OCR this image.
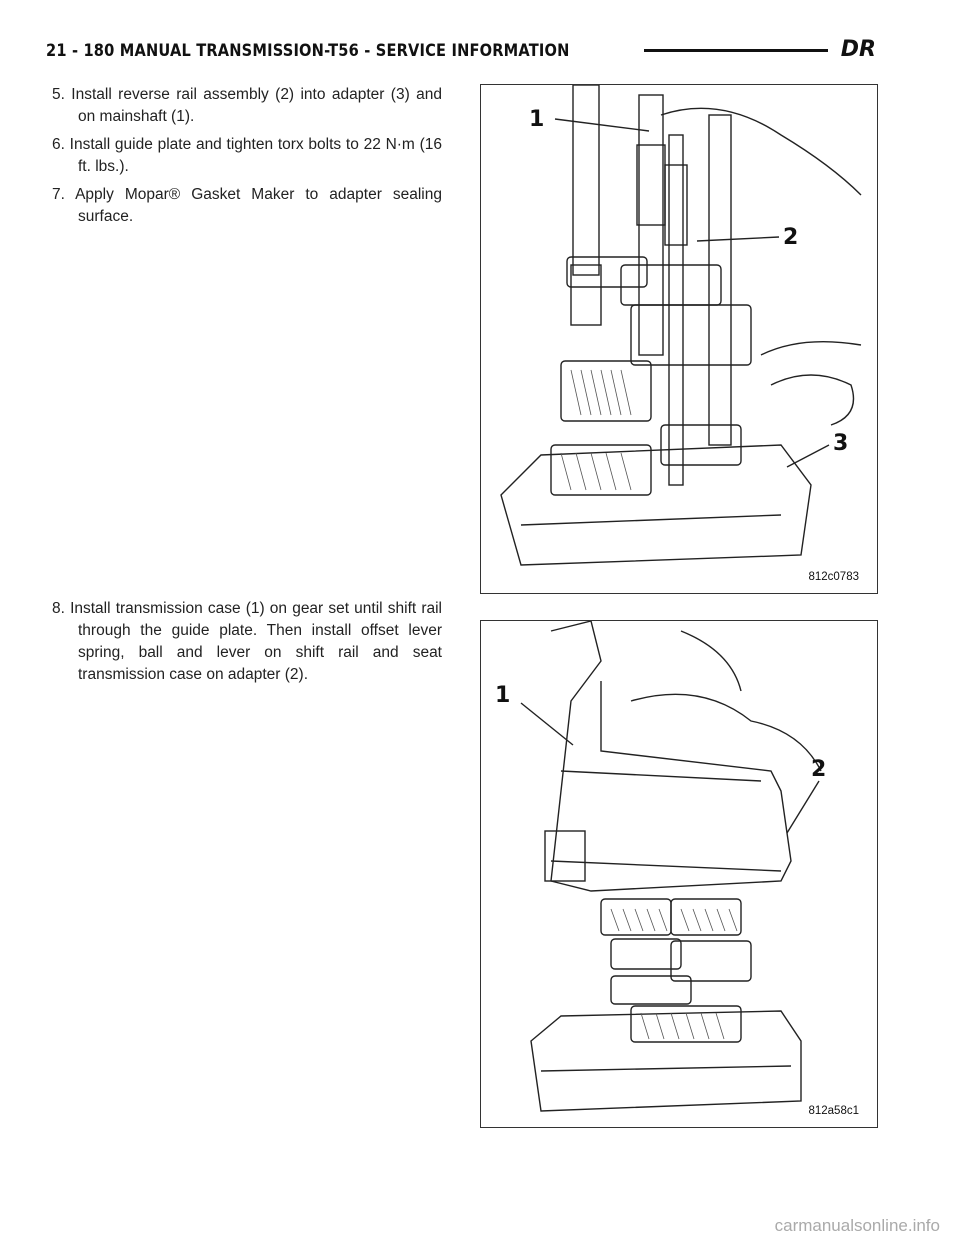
21 - 180 MANUAL TRANSMISSION-T56 - SERVICE INFORMATION	DR

5. Install reverse rail assembly (2) into adapter (3) and on mainshaft (1).

6. Install guide plate and tighten torx bolts to 22 N·m (16 ft. lbs.).

7. Apply Mopar® Gasket Maker to adapter sealing surface.

8. Install transmission case (1) on gear set until shift rail through the guide plate. Then install offset lever spring, ball and lever on shift rail and seat transmission case on adapter (2).

1
2
3
812c0783
1
2
812a58c1
carmanualsonline.info
